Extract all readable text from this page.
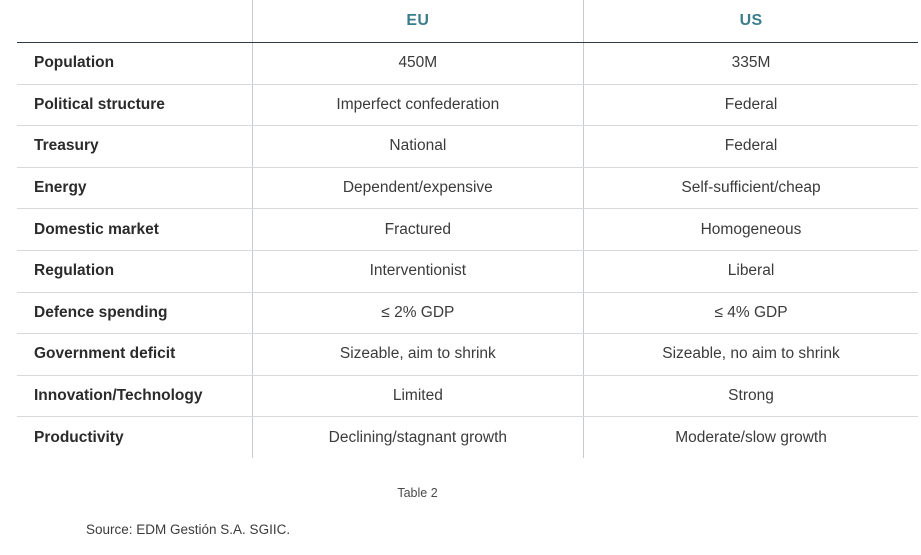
	EU	US
Population	450M	335M
Political structure	Imperfect confederation	Federal
Treasury	National	Federal
Energy	Dependent/expensive	Self-sufficient/cheap
Domestic market	Fractured	Homogeneous
Regulation	Interventionist	Liberal
Defence spending	≤ 2% GDP	≤ 4% GDP
Government deficit	Sizeable, aim to shrink	Sizeable, no aim to shrink
Innovation/Technology	Limited	Strong
Productivity	Declining/stagnant growth	Moderate/slow growth
Table 2
Source: EDM Gestión S.A. SGIIC.
